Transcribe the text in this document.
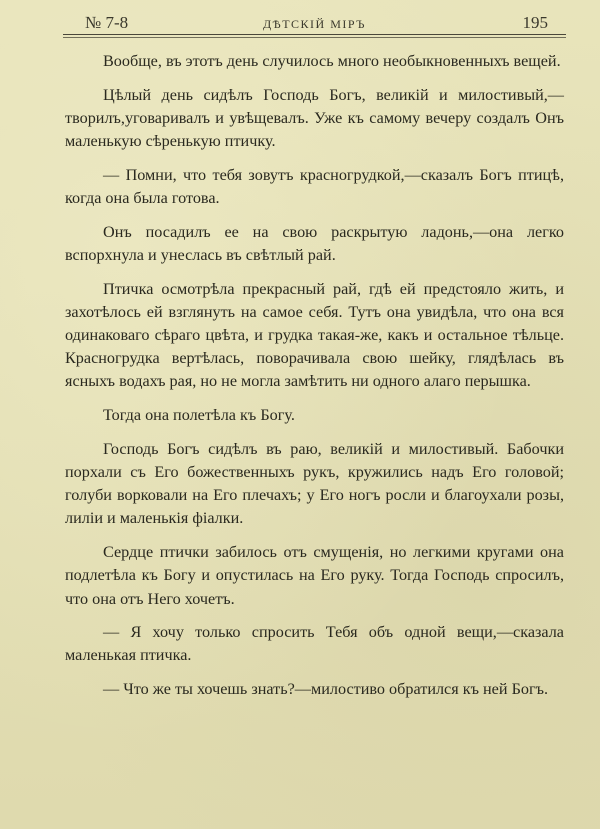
№ 7-8	ДѢТСКІЙ МІРЪ	195

Вообще, въ этотъ день случилось много необыкновенныхъ вещей.

Цѣлый день сидѣлъ Господь Богъ, великій и милостивый,—творилъ,уговаривалъ и увѣщевалъ. Уже къ самому вечеру создалъ Онъ маленькую сѣренькую птичку.

— Помни, что тебя зовутъ красногрудкой,—сказалъ Богъ птицѣ, когда она была готова.

Онъ посадилъ ее на свою раскрытую ладонь,—она легко вспорхнула и унеслась въ свѣтлый рай.

Птичка осмотрѣла прекрасный рай, гдѣ ей предстояло жить, и захотѣлось ей взглянуть на самое себя. Тутъ она увидѣла, что она вся одинаковаго сѣраго цвѣта, и грудка такая-же, какъ и остальное тѣльце. Красногрудка вертѣлась, поворачивала свою шейку, глядѣлась въ ясныхъ водахъ рая, но не могла замѣтить ни одного алаго перышка.

Тогда она полетѣла къ Богу.

Господь Богъ сидѣлъ въ раю, великій и милостивый. Бабочки порхали съ Его божественныхъ рукъ, кружились надъ Его головой; голуби ворковали на Его плечахъ; у Его ногъ росли и благоухали розы, лиліи и маленькія фіалки.

Сердце птички забилось отъ смущенія, но легкими кругами она подлетѣла къ Богу и опустилась на Его руку. Тогда Господь спросилъ, что она отъ Него хочетъ.

— Я хочу только спросить Тебя объ одной вещи,—сказала маленькая птичка.

— Что же ты хочешь знать?—милостиво обратился къ ней Богъ.
